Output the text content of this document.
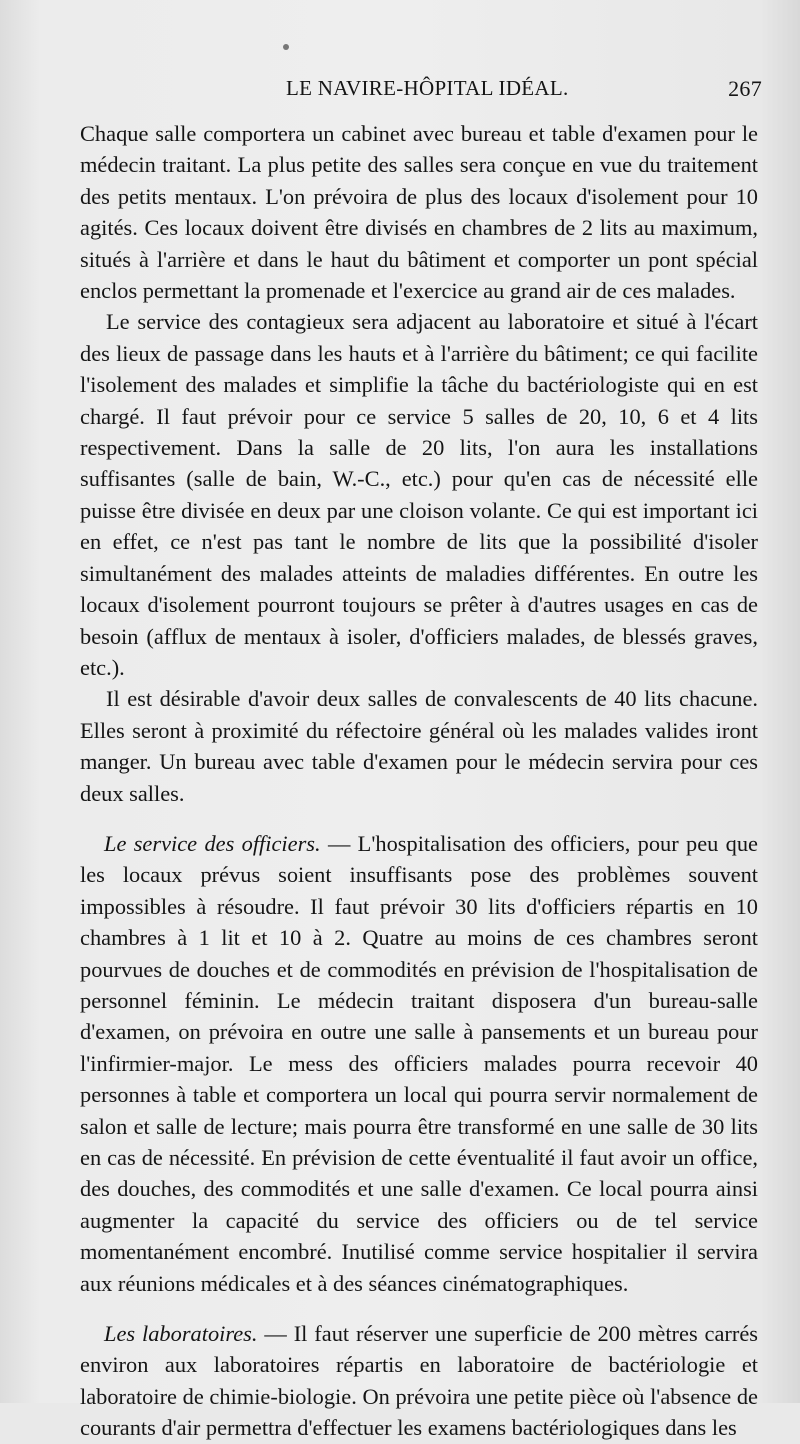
LE NAVIRE-HÔPITAL IDÉAL.	267

Chaque salle comportera un cabinet avec bureau et table d'examen pour le médecin traitant. La plus petite des salles sera conçue en vue du traitement des petits mentaux. L'on prévoira de plus des locaux d'isolement pour 10 agités. Ces locaux doivent être divisés en chambres de 2 lits au maximum, situés à l'arrière et dans le haut du bâtiment et comporter un pont spécial enclos permettant la promenade et l'exercice au grand air de ces malades.

Le service des contagieux sera adjacent au laboratoire et situé à l'écart des lieux de passage dans les hauts et à l'arrière du bâtiment; ce qui facilite l'isolement des malades et simplifie la tâche du bactériologiste qui en est chargé. Il faut prévoir pour ce service 5 salles de 20, 10, 6 et 4 lits respectivement. Dans la salle de 20 lits, l'on aura les installations suffisantes (salle de bain, W.-C., etc.) pour qu'en cas de nécessité elle puisse être divisée en deux par une cloison volante. Ce qui est important ici en effet, ce n'est pas tant le nombre de lits que la possibilité d'isoler simultanément des malades atteints de maladies différentes. En outre les locaux d'isolement pourront toujours se prêter à d'autres usages en cas de besoin (afflux de mentaux à isoler, d'officiers malades, de blessés graves, etc.).

Il est désirable d'avoir deux salles de convalescents de 40 lits chacune. Elles seront à proximité du réfectoire général où les malades valides iront manger. Un bureau avec table d'examen pour le médecin servira pour ces deux salles.

Le service des officiers. — L'hospitalisation des officiers, pour peu que les locaux prévus soient insuffisants pose des problèmes souvent impossibles à résoudre. Il faut prévoir 30 lits d'officiers répartis en 10 chambres à 1 lit et 10 à 2. Quatre au moins de ces chambres seront pourvues de douches et de commodités en prévision de l'hospitalisation de personnel féminin. Le médecin traitant disposera d'un bureau-salle d'examen, on prévoira en outre une salle à pansements et un bureau pour l'infirmier-major. Le mess des officiers malades pourra recevoir 40 personnes à table et comportera un local qui pourra servir normalement de salon et salle de lecture; mais pourra être transformé en une salle de 30 lits en cas de nécessité. En prévision de cette éventualité il faut avoir un office, des douches, des commodités et une salle d'examen. Ce local pourra ainsi augmenter la capacité du service des officiers ou de tel service momentanément encombré. Inutilisé comme service hospitalier il servira aux réunions médicales et à des séances cinématographiques.

Les laboratoires. — Il faut réserver une superficie de 200 mètres carrés environ aux laboratoires répartis en laboratoire de bactériologie et laboratoire de chimie-biologie. On prévoira une petite pièce où l'absence de courants d'air permettra d'effectuer les examens bactériologiques dans les
